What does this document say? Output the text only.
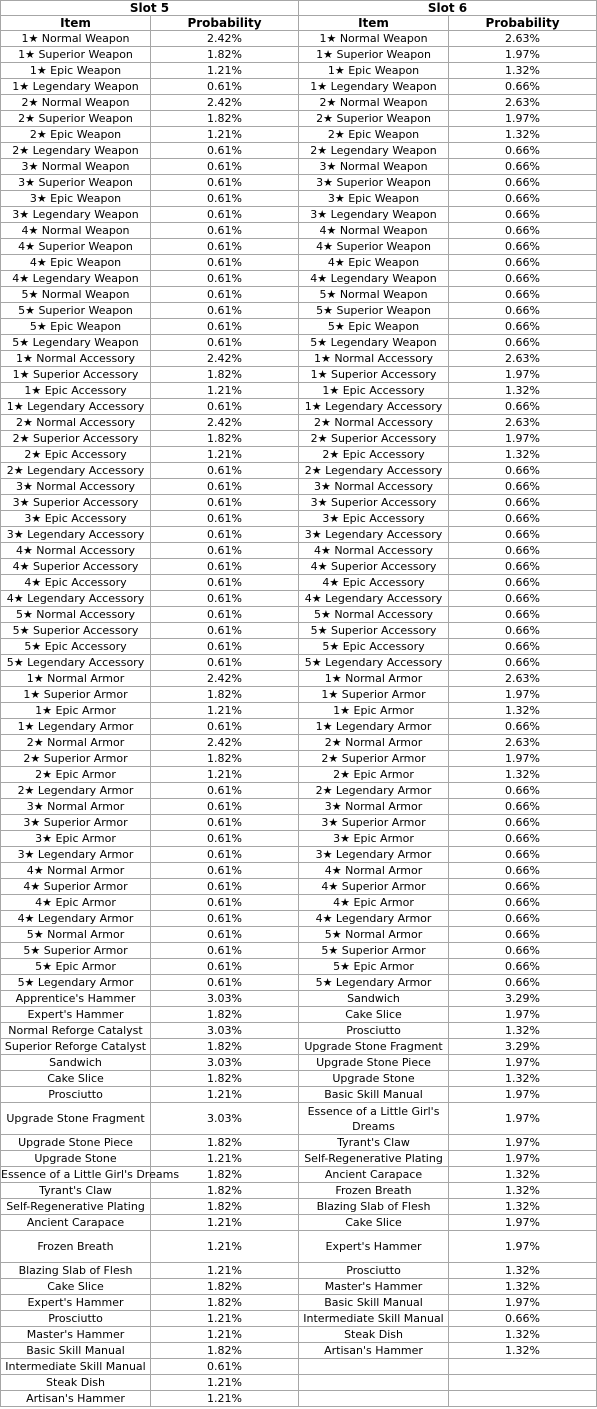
Slot 5		Slot 6	
Item	Probability	Item	Probability
1★ Normal Weapon	2.42%	1★ Normal Weapon	2.63%
1★ Superior Weapon	1.82%	1★ Superior Weapon	1.97%
1★ Epic Weapon	1.21%	1★ Epic Weapon	1.32%
1★ Legendary Weapon	0.61%	1★ Legendary Weapon	0.66%
2★ Normal Weapon	2.42%	2★ Normal Weapon	2.63%
2★ Superior Weapon	1.82%	2★ Superior Weapon	1.97%
2★ Epic Weapon	1.21%	2★ Epic Weapon	1.32%
2★ Legendary Weapon	0.61%	2★ Legendary Weapon	0.66%
3★ Normal Weapon	0.61%	3★ Normal Weapon	0.66%
3★ Superior Weapon	0.61%	3★ Superior Weapon	0.66%
3★ Epic Weapon	0.61%	3★ Epic Weapon	0.66%
3★ Legendary Weapon	0.61%	3★ Legendary Weapon	0.66%
4★ Normal Weapon	0.61%	4★ Normal Weapon	0.66%
4★ Superior Weapon	0.61%	4★ Superior Weapon	0.66%
4★ Epic Weapon	0.61%	4★ Epic Weapon	0.66%
4★ Legendary Weapon	0.61%	4★ Legendary Weapon	0.66%
5★ Normal Weapon	0.61%	5★ Normal Weapon	0.66%
5★ Superior Weapon	0.61%	5★ Superior Weapon	0.66%
5★ Epic Weapon	0.61%	5★ Epic Weapon	0.66%
5★ Legendary Weapon	0.61%	5★ Legendary Weapon	0.66%
1★ Normal Accessory	2.42%	1★ Normal Accessory	2.63%
1★ Superior Accessory	1.82%	1★ Superior Accessory	1.97%
1★ Epic Accessory	1.21%	1★ Epic Accessory	1.32%
1★ Legendary Accessory	0.61%	1★ Legendary Accessory	0.66%
2★ Normal Accessory	2.42%	2★ Normal Accessory	2.63%
2★ Superior Accessory	1.82%	2★ Superior Accessory	1.97%
2★ Epic Accessory	1.21%	2★ Epic Accessory	1.32%
2★ Legendary Accessory	0.61%	2★ Legendary Accessory	0.66%
3★ Normal Accessory	0.61%	3★ Normal Accessory	0.66%
3★ Superior Accessory	0.61%	3★ Superior Accessory	0.66%
3★ Epic Accessory	0.61%	3★ Epic Accessory	0.66%
3★ Legendary Accessory	0.61%	3★ Legendary Accessory	0.66%
4★ Normal Accessory	0.61%	4★ Normal Accessory	0.66%
4★ Superior Accessory	0.61%	4★ Superior Accessory	0.66%
4★ Epic Accessory	0.61%	4★ Epic Accessory	0.66%
4★ Legendary Accessory	0.61%	4★ Legendary Accessory	0.66%
5★ Normal Accessory	0.61%	5★ Normal Accessory	0.66%
5★ Superior Accessory	0.61%	5★ Superior Accessory	0.66%
5★ Epic Accessory	0.61%	5★ Epic Accessory	0.66%
5★ Legendary Accessory	0.61%	5★ Legendary Accessory	0.66%
1★ Normal Armor	2.42%	1★ Normal Armor	2.63%
1★ Superior Armor	1.82%	1★ Superior Armor	1.97%
1★ Epic Armor	1.21%	1★ Epic Armor	1.32%
1★ Legendary Armor	0.61%	1★ Legendary Armor	0.66%
2★ Normal Armor	2.42%	2★ Normal Armor	2.63%
2★ Superior Armor	1.82%	2★ Superior Armor	1.97%
2★ Epic Armor	1.21%	2★ Epic Armor	1.32%
2★ Legendary Armor	0.61%	2★ Legendary Armor	0.66%
3★ Normal Armor	0.61%	3★ Normal Armor	0.66%
3★ Superior Armor	0.61%	3★ Superior Armor	0.66%
3★ Epic Armor	0.61%	3★ Epic Armor	0.66%
3★ Legendary Armor	0.61%	3★ Legendary Armor	0.66%
4★ Normal Armor	0.61%	4★ Normal Armor	0.66%
4★ Superior Armor	0.61%	4★ Superior Armor	0.66%
4★ Epic Armor	0.61%	4★ Epic Armor	0.66%
4★ Legendary Armor	0.61%	4★ Legendary Armor	0.66%
5★ Normal Armor	0.61%	5★ Normal Armor	0.66%
5★ Superior Armor	0.61%	5★ Superior Armor	0.66%
5★ Epic Armor	0.61%	5★ Epic Armor	0.66%
5★ Legendary Armor	0.61%	5★ Legendary Armor	0.66%
Apprentice's Hammer	3.03%	Sandwich	3.29%
Expert's Hammer	1.82%	Cake Slice	1.97%
Normal Reforge Catalyst	3.03%	Prosciutto	1.32%
Superior Reforge Catalyst	1.82%	Upgrade Stone Fragment	3.29%
Sandwich	3.03%	Upgrade Stone Piece	1.97%
Cake Slice	1.82%	Upgrade Stone	1.32%
Prosciutto	1.21%	Basic Skill Manual	1.97%
Upgrade Stone Fragment	3.03%	Essence of a Little Girl's Dreams	1.97%
Upgrade Stone Piece	1.82%	Tyrant's Claw	1.97%
Upgrade Stone	1.21%	Self-Regenerative Plating	1.97%
Essence of a Little Girl's Dreams	1.82%	Ancient Carapace	1.32%
Tyrant's Claw	1.82%	Frozen Breath	1.32%
Self-Regenerative Plating	1.82%	Blazing Slab of Flesh	1.32%
Ancient Carapace	1.21%	Cake Slice	1.97%
Frozen Breath	1.21%	Expert's Hammer	1.97%
Blazing Slab of Flesh	1.21%	Prosciutto	1.32%
Cake Slice	1.82%	Master's Hammer	1.32%
Expert's Hammer	1.82%	Basic Skill Manual	1.97%
Prosciutto	1.21%	Intermediate Skill Manual	0.66%
Master's Hammer	1.21%	Steak Dish	1.32%
Basic Skill Manual	1.82%	Artisan's Hammer	1.32%
Intermediate Skill Manual	0.61%		
Steak Dish	1.21%		
Artisan's Hammer	1.21%		
